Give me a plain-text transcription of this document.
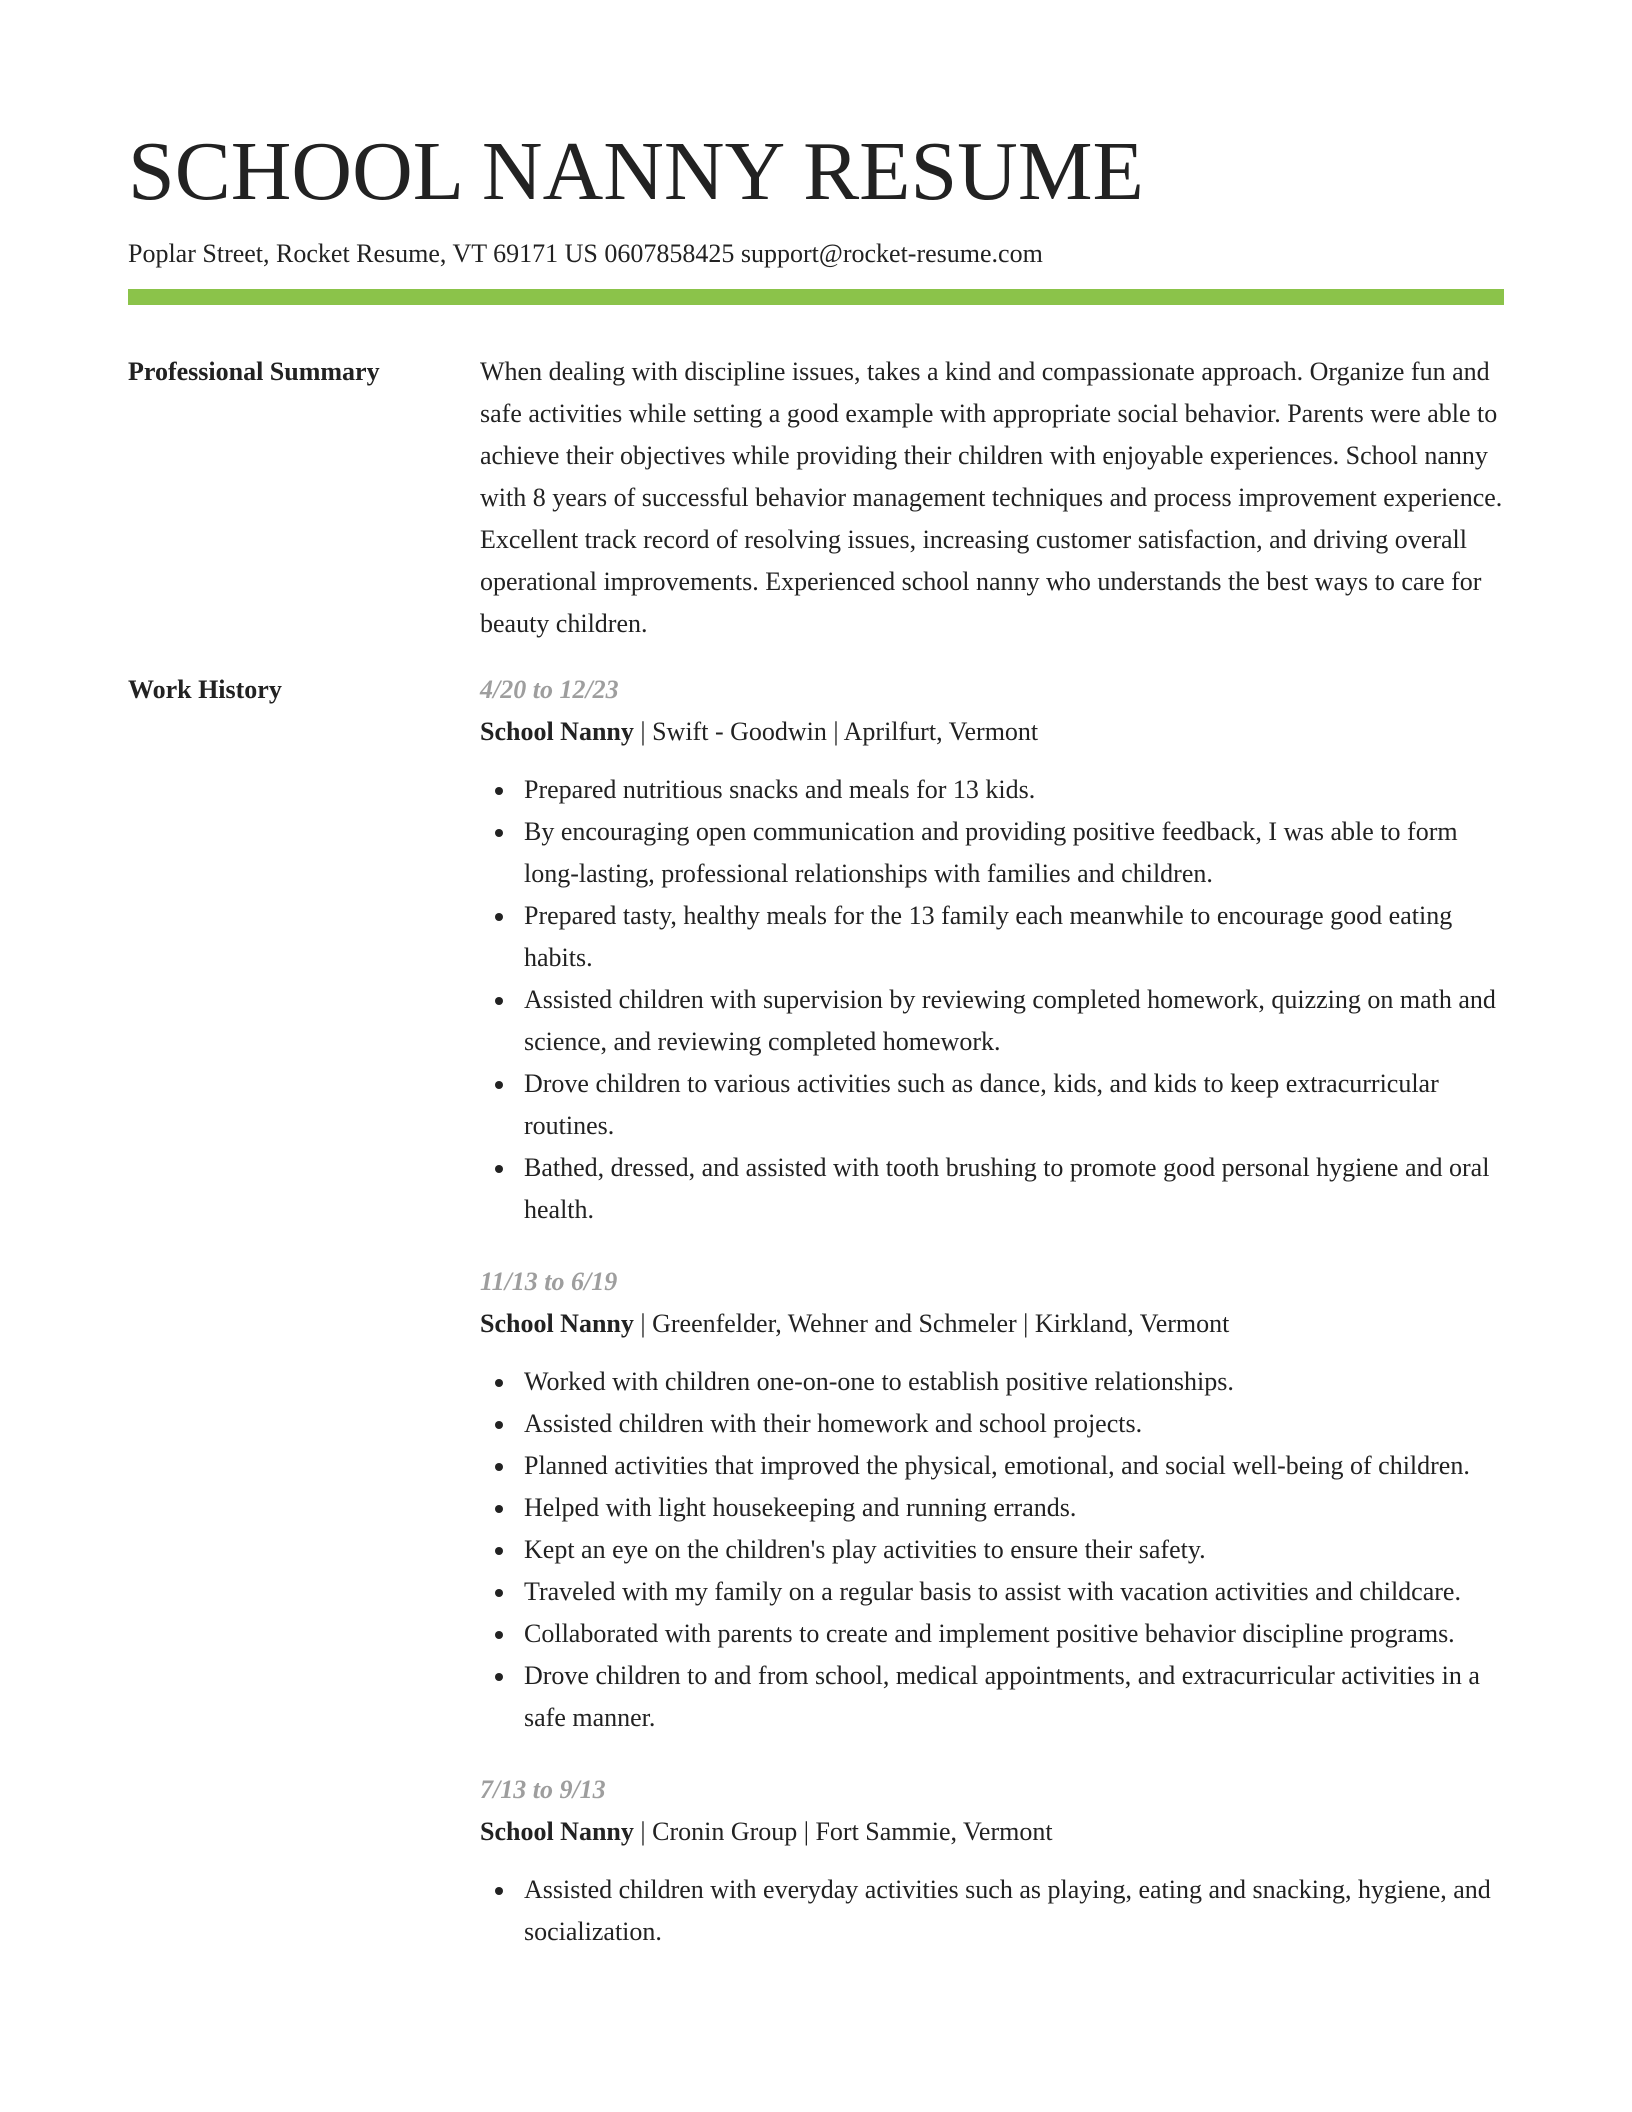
SCHOOL NANNY RESUME
Poplar Street, Rocket Resume, VT 69171 US 0607858425 support@rocket-resume.com
Professional Summary	When dealing with discipline issues, takes a kind and compassionate approach. Organize fun and safe activities while setting a good example with appropriate social behavior. Parents were able to achieve their objectives while providing their children with enjoyable experiences. School nanny with 8 years of successful behavior management techniques and process improvement experience. Excellent track record of resolving issues, increasing customer satisfaction, and driving overall operational improvements. Experienced school nanny who understands the best ways to care for beauty children.

Work History	4/20 to 12/23
School Nanny | Swift - Goodwin | Aprilfurt, Vermont
Prepared nutritious snacks and meals for 13 kids.
By encouraging open communication and providing positive feedback, I was able to form long-lasting, professional relationships with families and children.
Prepared tasty, healthy meals for the 13 family each meanwhile to encourage good eating habits.
Assisted children with supervision by reviewing completed homework, quizzing on math and science, and reviewing completed homework.
Drove children to various activities such as dance, kids, and kids to keep extracurricular routines.
Bathed, dressed, and assisted with tooth brushing to promote good personal hygiene and oral health.
11/13 to 6/19
School Nanny | Greenfelder, Wehner and Schmeler | Kirkland, Vermont
Worked with children one-on-one to establish positive relationships.
Assisted children with their homework and school projects.
Planned activities that improved the physical, emotional, and social well-being of children.
Helped with light housekeeping and running errands.
Kept an eye on the children's play activities to ensure their safety.
Traveled with my family on a regular basis to assist with vacation activities and childcare.
Collaborated with parents to create and implement positive behavior discipline programs.
Drove children to and from school, medical appointments, and extracurricular activities in a safe manner.
7/13 to 9/13
School Nanny | Cronin Group | Fort Sammie, Vermont
Assisted children with everyday activities such as playing, eating and snacking, hygiene, and socialization.
